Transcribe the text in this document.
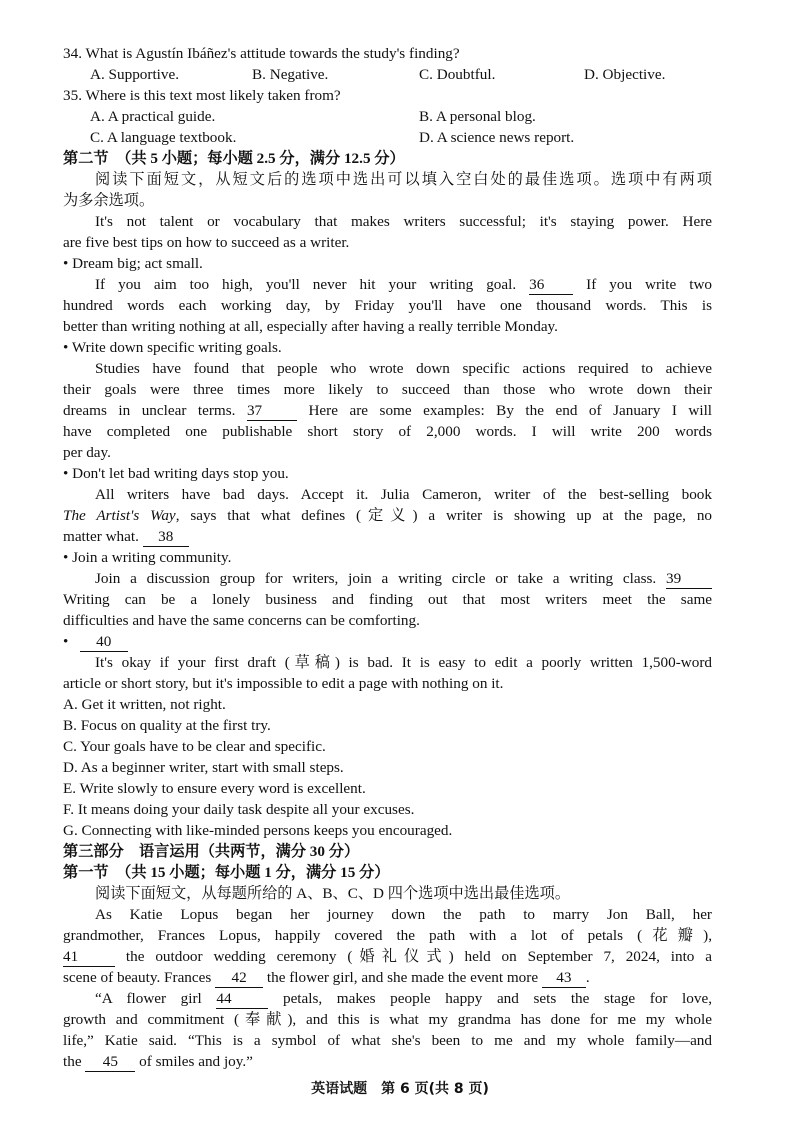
34. What is Agustín Ibáñez's attitude towards the study's finding?
A. Supportive.	B. Negative.	C. Doubtful.	D. Objective.
35. Where is this text most likely taken from?
A. A practical guide.	B. A personal blog.
C. A language textbook.	D. A science news report.
第二节　（共 5 小题；每小题 2.5 分，满分 12.5 分）
阅读下面短文，从短文后的选项中选出可以填入空白处的最佳选项。选项中有两项
为多余选项。
It's not talent or vocabulary that makes writers successful; it's staying power. Here
are five best tips on how to succeed as a writer.
• Dream big; act small.
If you aim too high, you'll never hit your writing goal. 36	If you write two
hundred words each working day, by Friday you'll have one thousand words. This is
better than writing nothing at all, especially after having a really terrible Monday.
• Write down specific writing goals.
Studies have found that people who wrote down specific actions required to achieve
their goals were three times more likely to succeed than those who wrote down their
dreams in unclear terms. 37	Here are some examples: By the end of January I will
have completed one publishable short story of 2,000 words. I will write 200 words
per day.
• Don't let bad writing days stop you.
All writers have bad days. Accept it. Julia Cameron, writer of the best-selling book
The Artist's Way, says that what defines (定义) a writer is showing up at the page, no
matter what. 38
• Join a writing community.
Join a discussion group for writers, join a writing circle or take a writing class. 39
Writing can be a lonely business and finding out that most writers meet the same
difficulties and have the same concerns can be comforting.
• 40
It's okay if your first draft (草稿) is bad. It is easy to edit a poorly written 1,500-word
article or short story, but it's impossible to edit a page with nothing on it.
A. Get it written, not right.
B. Focus on quality at the first try.
C. Your goals have to be clear and specific.
D. As a beginner writer, start with small steps.
E. Write slowly to ensure every word is excellent.
F. It means doing your daily task despite all your excuses.
G. Connecting with like-minded persons keeps you encouraged.
第三部分　语言运用（共两节，满分 30 分）
第一节　（共 15 小题；每小题 1 分，满分 15 分）
阅读下面短文，从每题所给的 A、B、C、D 四个选项中选出最佳选项。
As Katie Lopus began her journey down the path to marry Jon Ball, her
grandmother, Frances Lopus, happily covered the path with a lot of petals (花瓣),
41	the outdoor wedding ceremony (婚礼仪式) held on September 7, 2024, into a
scene of beauty. Frances 42 the flower girl, and she made the event more 43 .
“A flower girl 44	petals, makes people happy and sets the stage for love,
growth and commitment (奉献), and this is what my grandma has done for me my whole
life,” Katie said. “This is a symbol of what she's been to me and my whole family—and
the 45 of smiles and joy.”
英语试题　第 6 页(共 8 页)
